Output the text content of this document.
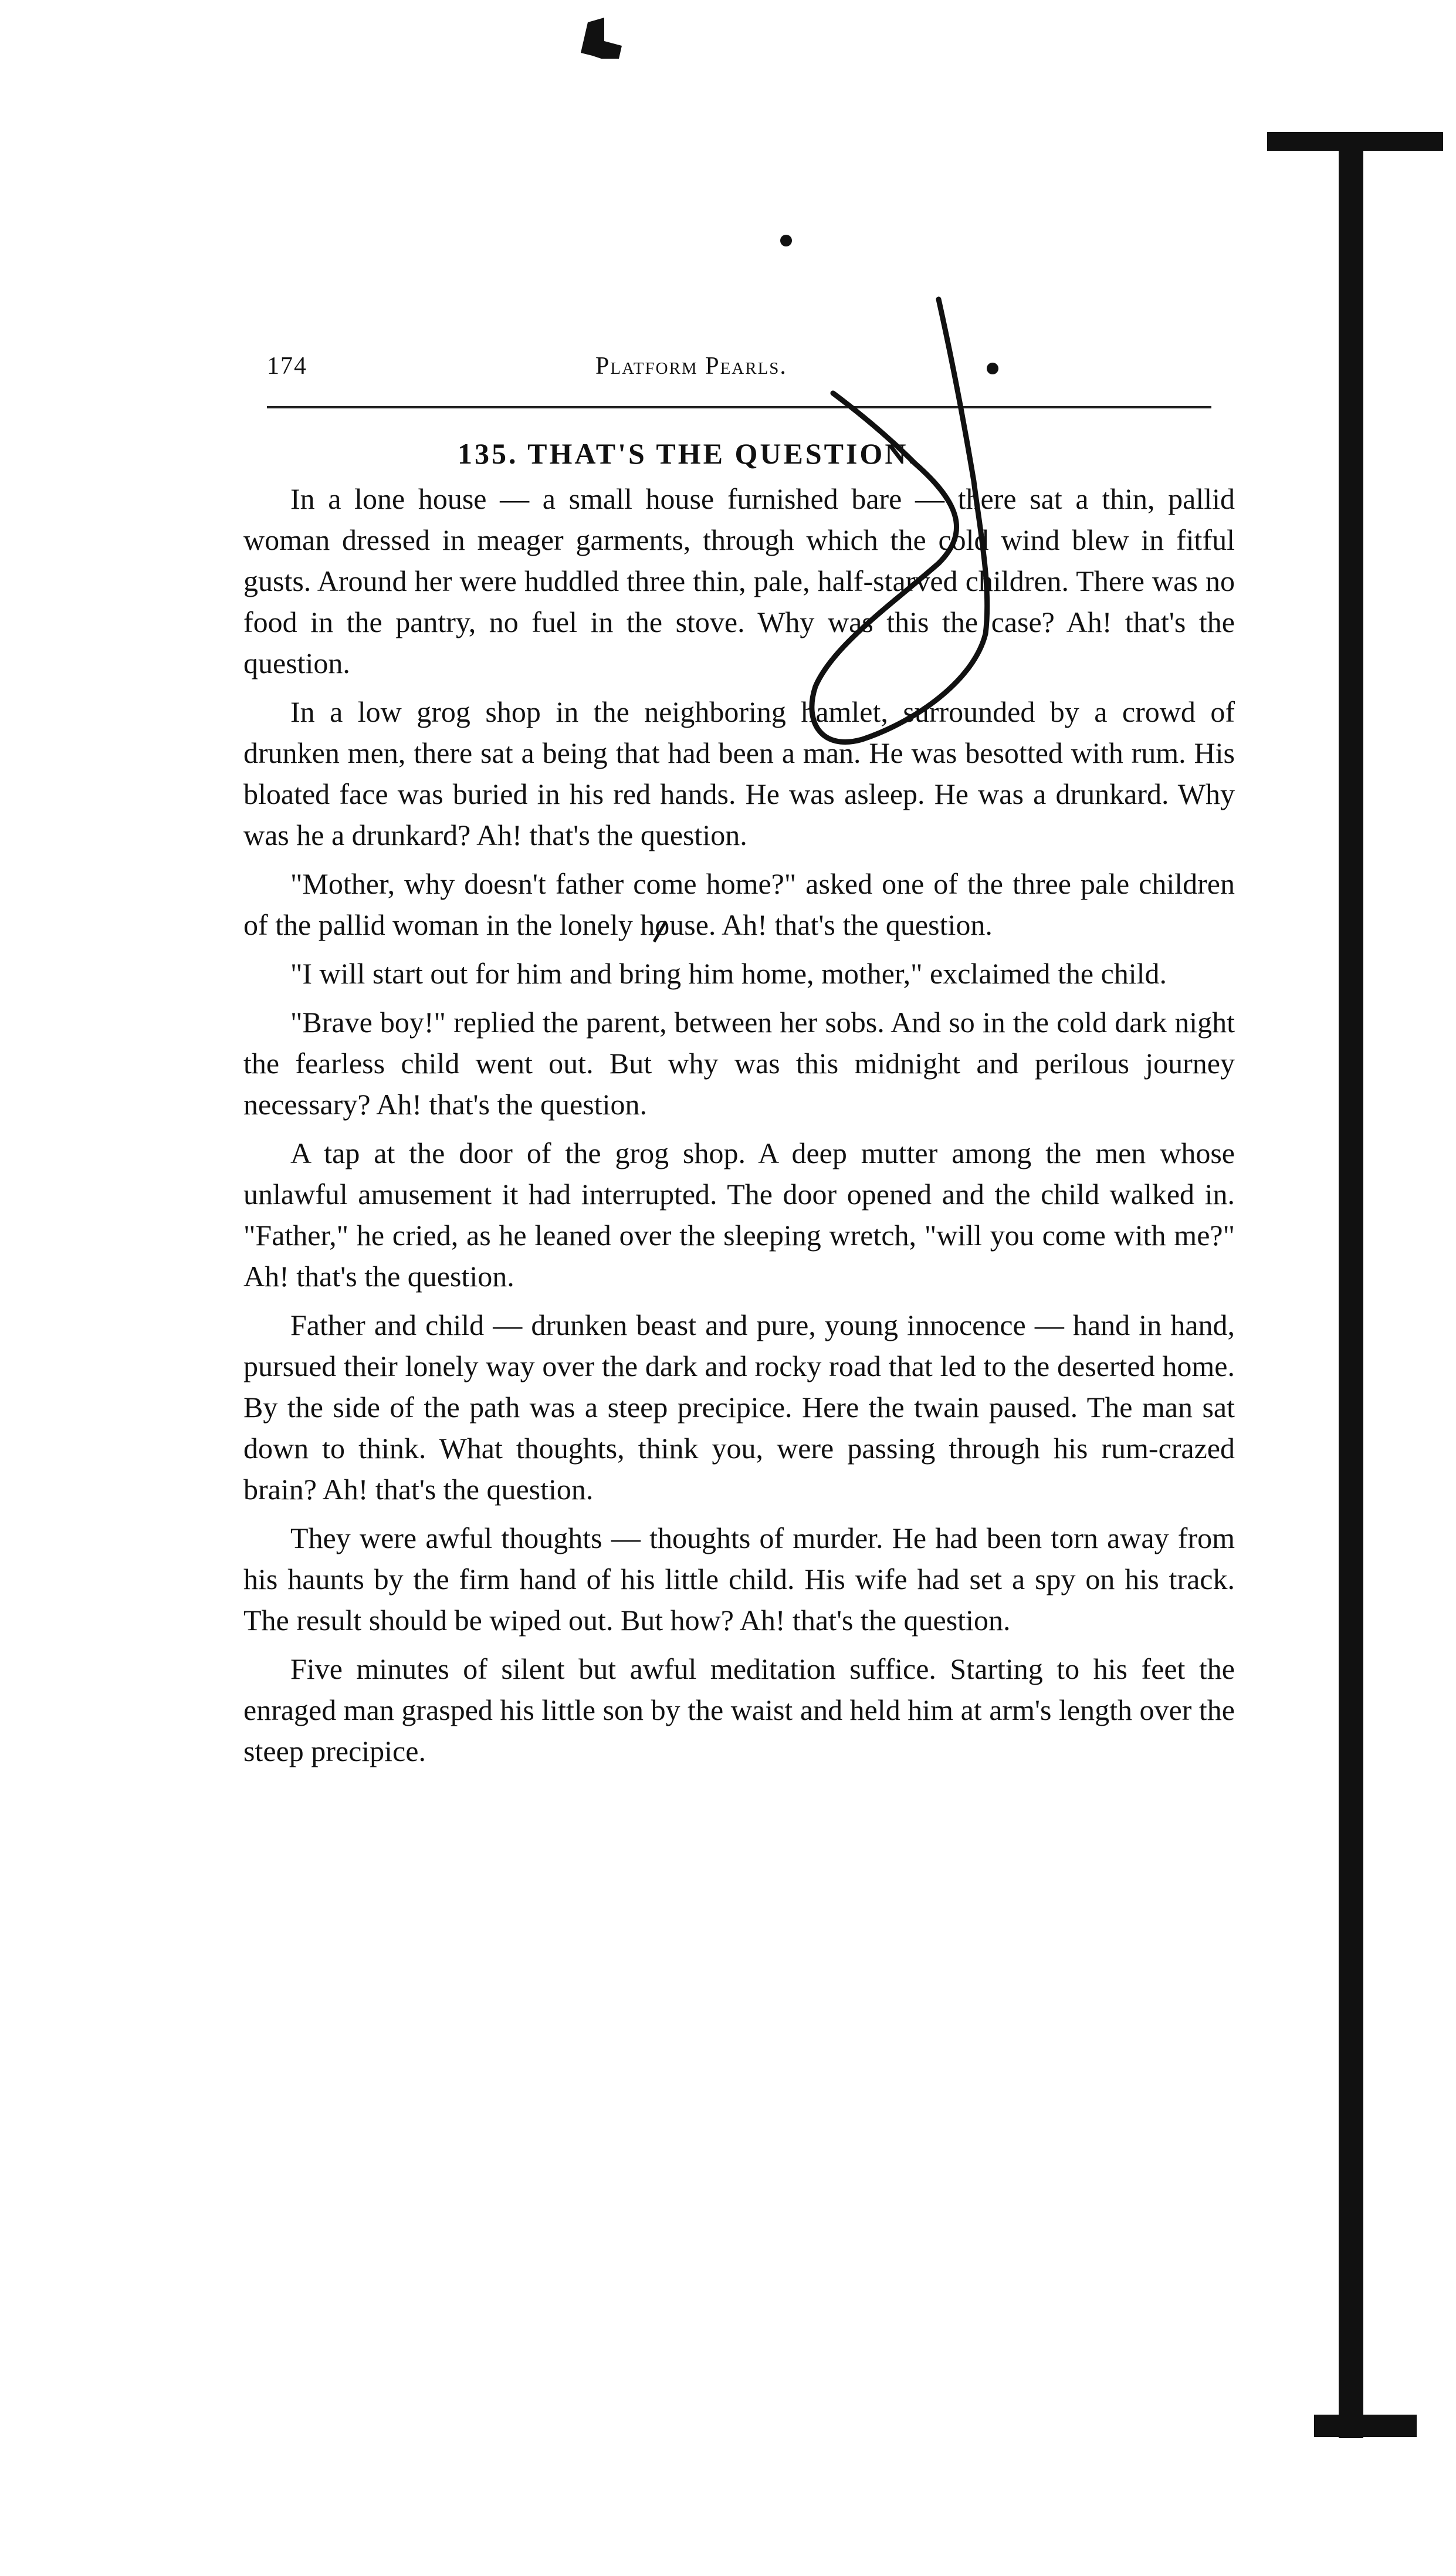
174	Platform Pearls.
135. THAT'S THE QUESTION.

In a lone house — a small house furnished bare — there sat a thin, pallid woman dressed in meager garments, through which the cold wind blew in fitful gusts. Around her were huddled three thin, pale, half-starved children. There was no food in the pantry, no fuel in the stove. Why was this the case? Ah! that's the question.

In a low grog shop in the neighboring hamlet, surrounded by a crowd of drunken men, there sat a being that had been a man. He was besotted with rum. His bloated face was buried in his red hands. He was asleep. He was a drunkard. Why was he a drunkard? Ah! that's the question.

"Mother, why doesn't father come home?" asked one of the three pale children of the pallid woman in the lonely house. Ah! that's the question.

"I will start out for him and bring him home, mother," exclaimed the child.

"Brave boy!" replied the parent, between her sobs. And so in the cold dark night the fearless child went out. But why was this midnight and perilous journey necessary? Ah! that's the question.

A tap at the door of the grog shop. A deep mutter among the men whose unlawful amusement it had interrupted. The door opened and the child walked in. "Father," he cried, as he leaned over the sleeping wretch, "will you come with me?" Ah! that's the question.

Father and child — drunken beast and pure, young innocence — hand in hand, pursued their lonely way over the dark and rocky road that led to the deserted home. By the side of the path was a steep precipice. Here the twain paused. The man sat down to think. What thoughts, think you, were passing through his rum-crazed brain? Ah! that's the question.

They were awful thoughts — thoughts of murder. He had been torn away from his haunts by the firm hand of his little child. His wife had set a spy on his track. The result should be wiped out. But how? Ah! that's the question.

Five minutes of silent but awful meditation suffice. Starting to his feet the enraged man grasped his little son by the waist and held him at arm's length over the steep precipice.
